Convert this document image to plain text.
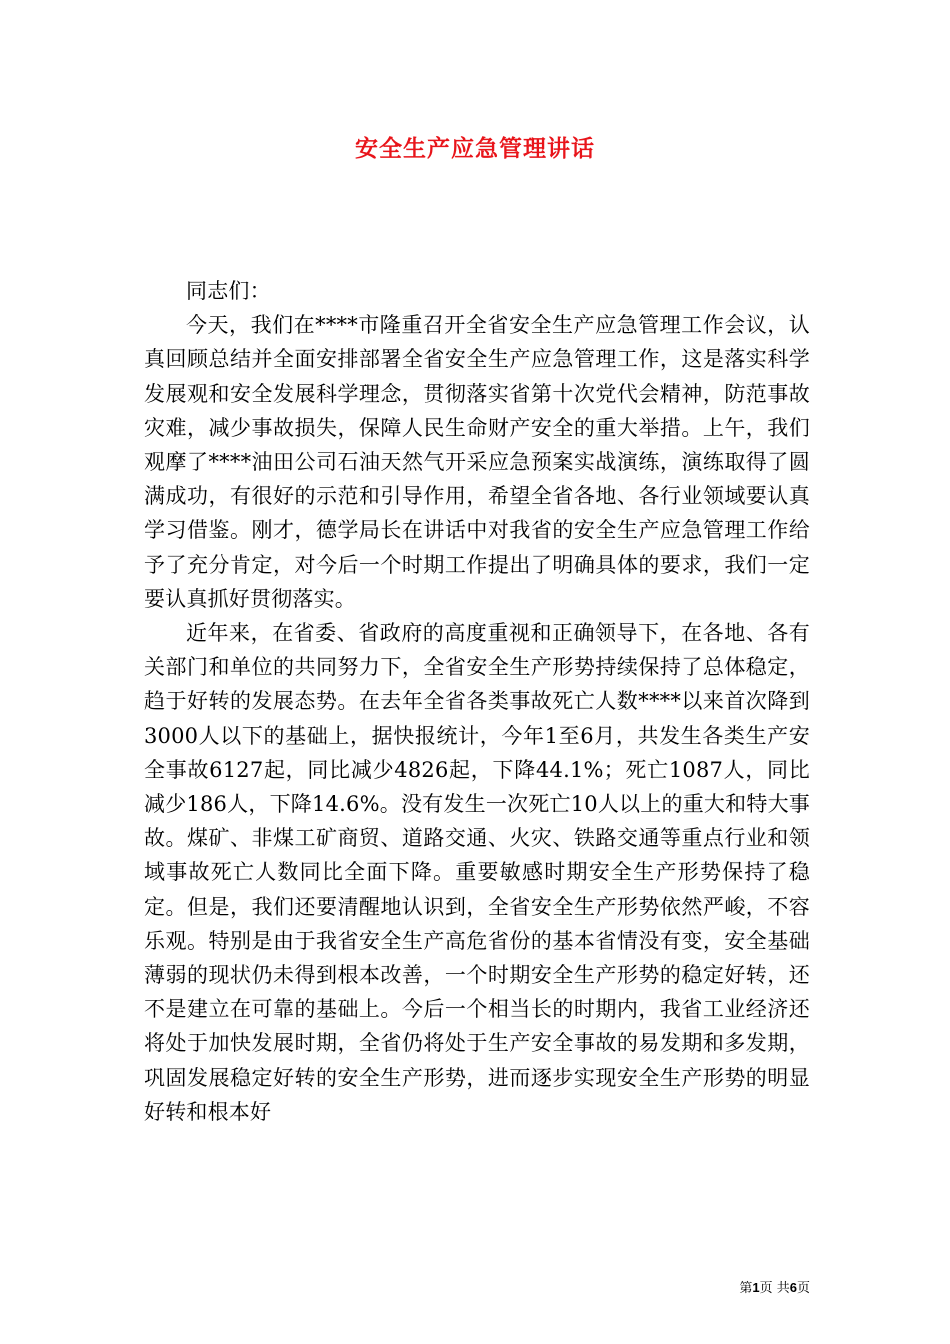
安全生产应急管理讲话

同志们：

今天，我们在****市隆重召开全省安全生产应急管理工作会议，认真回顾总结并全面安排部署全省安全生产应急管理工作，这是落实科学发展观和安全发展科学理念，贯彻落实省第十次党代会精神，防范事故灾难，减少事故损失，保障人民生命财产安全的重大举措。上午，我们观摩了****油田公司石油天然气开采应急预案实战演练，演练取得了圆满成功，有很好的示范和引导作用，希望全省各地、各行业领域要认真学习借鉴。刚才，德学局长在讲话中对我省的安全生产应急管理工作给予了充分肯定，对今后一个时期工作提出了明确具体的要求，我们一定要认真抓好贯彻落实。

近年来，在省委、省政府的高度重视和正确领导下，在各地、各有关部门和单位的共同努力下，全省安全生产形势持续保持了总体稳定，趋于好转的发展态势。在去年全省各类事故死亡人数****以来首次降到3000人以下的基础上，据快报统计，今年1至6月，共发生各类生产安全事故6127起，同比减少4826起，下降44.1%；死亡1087人，同比减少186人，下降14.6%。没有发生一次死亡10人以上的重大和特大事故。煤矿、非煤工矿商贸、道路交通、火灾、铁路交通等重点行业和领域事故死亡人数同比全面下降。重要敏感时期安全生产形势保持了稳定。但是，我们还要清醒地认识到，全省安全生产形势依然严峻，不容乐观。特别是由于我省安全生产高危省份的基本省情没有变，安全基础薄弱的现状仍未得到根本改善，一个时期安全生产形势的稳定好转，还不是建立在可靠的基础上。今后一个相当长的时期内，我省工业经济还将处于加快发展时期，全省仍将处于生产安全事故的易发期和多发期，巩固发展稳定好转的安全生产形势，进而逐步实现安全生产形势的明显好转和根本好

第1页 共6页
